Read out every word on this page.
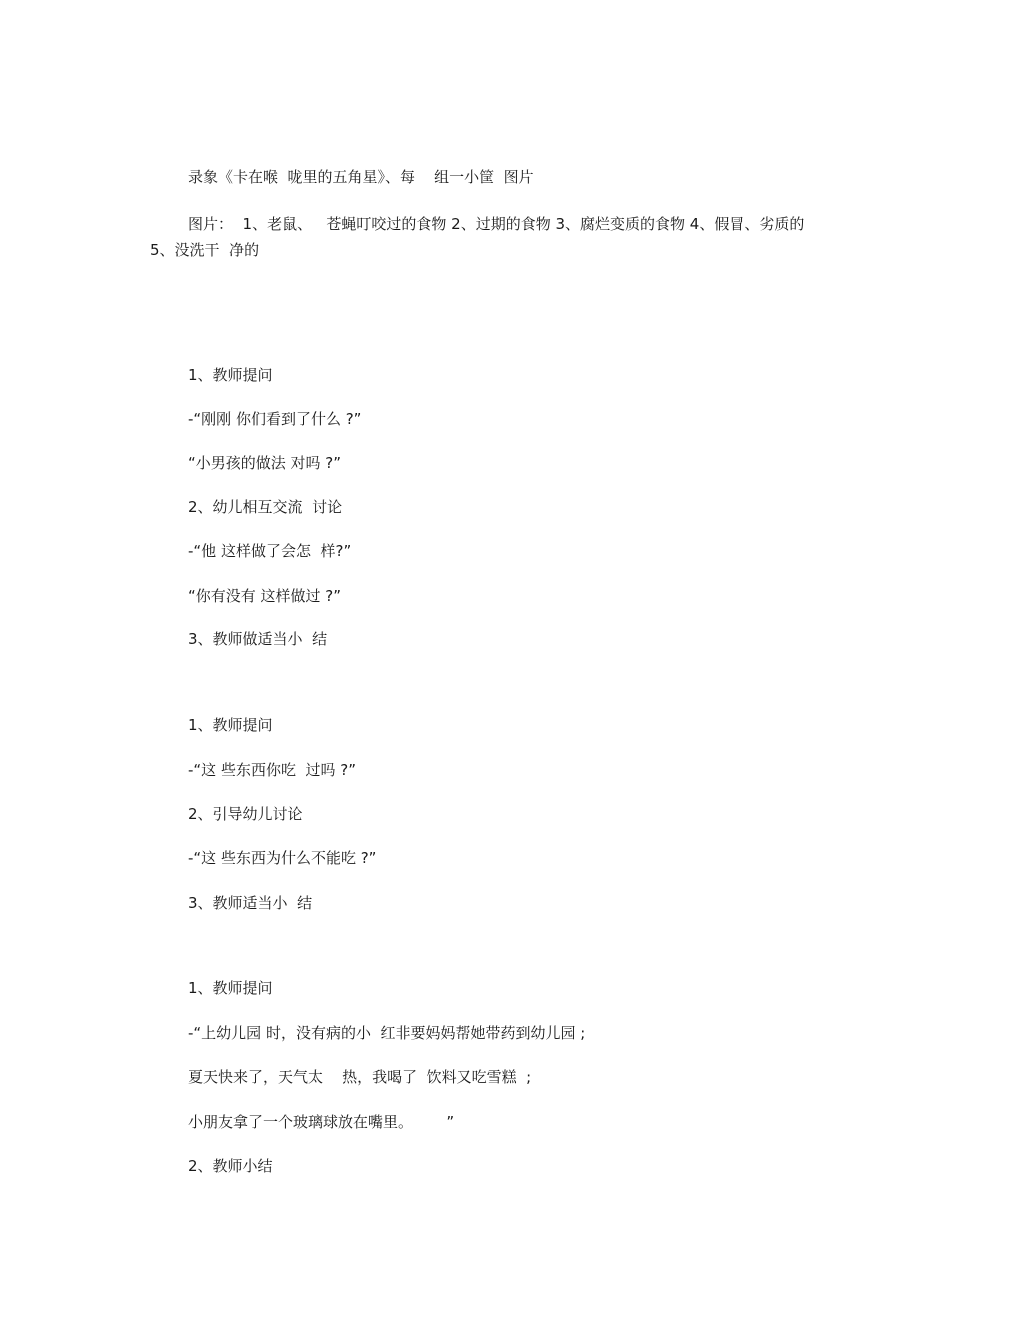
录象《卡在喉  咙里的五角星》、每    组一小筐  图片
图片：  1、老鼠、   苍蝇叮咬过的食物 2、过期的食物 3、腐烂变质的食物 4、假冒、劣质的
5、没洗干  净的
1、教师提问
-“刚刚 你们看到了什么 ?”
“小男孩的做法 对吗 ?”
2、幼儿相互交流  讨论
-“他 这样做了会怎  样?”
“你有没有 这样做过 ?”
3、教师做适当小  结
1、教师提问
-“这 些东西你吃  过吗 ?”
2、引导幼儿讨论
-“这 些东西为什么不能吃 ?”
3、教师适当小  结
1、教师提问
-“上幼儿园 时，没有病的小  红非要妈妈帮她带药到幼儿园 ;
夏天快来了，天气太    热，我喝了  饮料又吃雪糕  ;
小朋友拿了一个玻璃球放在嘴里。       ”
2、教师小结
